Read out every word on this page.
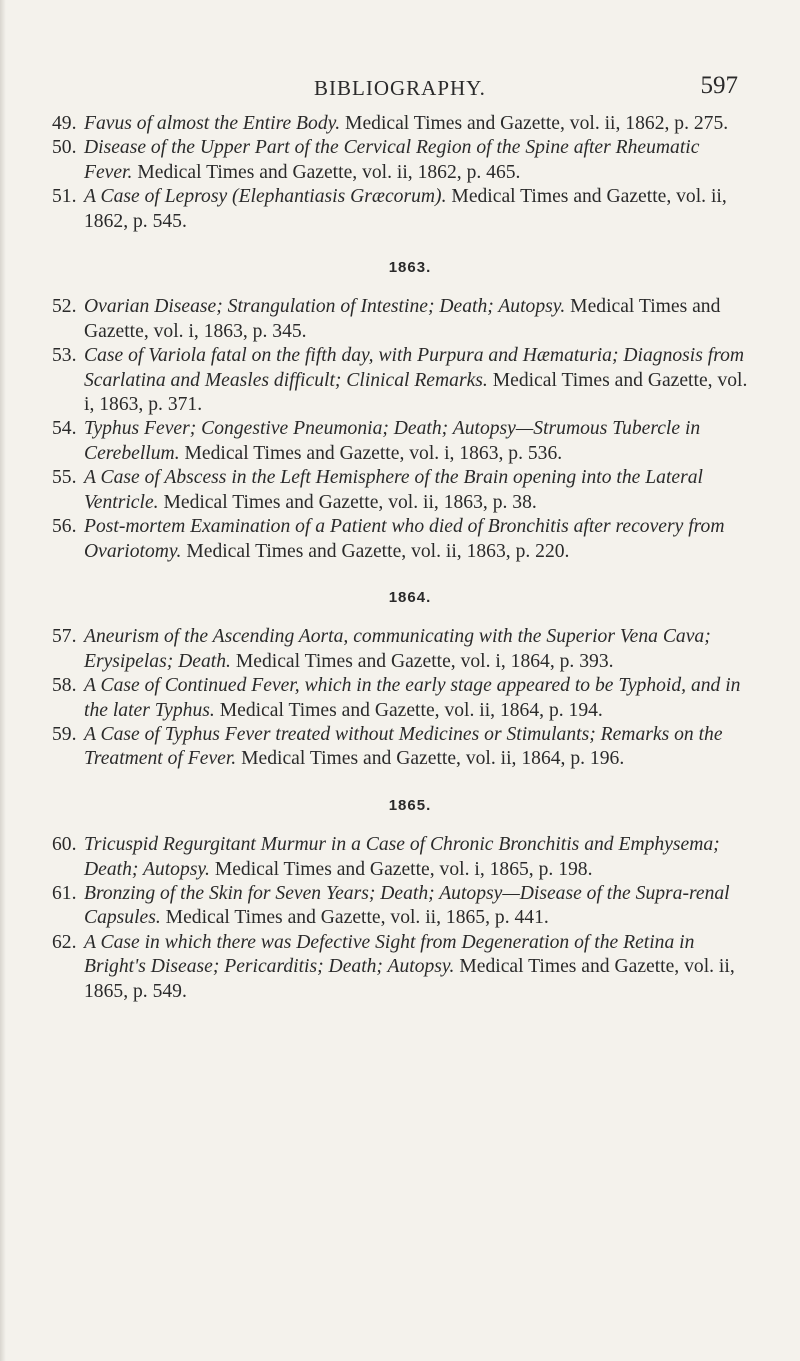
BIBLIOGRAPHY.	597

49. Favus of almost the Entire Body. Medical Times and Gazette, vol. ii, 1862, p. 275.

50. Disease of the Upper Part of the Cervical Region of the Spine after Rheumatic Fever. Medical Times and Gazette, vol. ii, 1862, p. 465.

51. A Case of Leprosy (Elephantiasis Græcorum). Medical Times and Gazette, vol. ii, 1862, p. 545.

1863.

52. Ovarian Disease; Strangulation of Intestine; Death; Autopsy. Medical Times and Gazette, vol. i, 1863, p. 345.

53. Case of Variola fatal on the fifth day, with Purpura and Hæmaturia; Diagnosis from Scarlatina and Measles difficult; Clinical Remarks. Medical Times and Gazette, vol. i, 1863, p. 371.

54. Typhus Fever; Congestive Pneumonia; Death; Autopsy—Strumous Tubercle in Cerebellum. Medical Times and Gazette, vol. i, 1863, p. 536.

55. A Case of Abscess in the Left Hemisphere of the Brain opening into the Lateral Ventricle. Medical Times and Gazette, vol. ii, 1863, p. 38.

56. Post-mortem Examination of a Patient who died of Bronchitis after recovery from Ovariotomy. Medical Times and Gazette, vol. ii, 1863, p. 220.

1864.

57. Aneurism of the Ascending Aorta, communicating with the Superior Vena Cava; Erysipelas; Death. Medical Times and Gazette, vol. i, 1864, p. 393.

58. A Case of Continued Fever, which in the early stage appeared to be Typhoid, and in the later Typhus. Medical Times and Gazette, vol. ii, 1864, p. 194.

59. A Case of Typhus Fever treated without Medicines or Stimulants; Remarks on the Treatment of Fever. Medical Times and Gazette, vol. ii, 1864, p. 196.

1865.

60. Tricuspid Regurgitant Murmur in a Case of Chronic Bronchitis and Emphysema; Death; Autopsy. Medical Times and Gazette, vol. i, 1865, p. 198.

61. Bronzing of the Skin for Seven Years; Death; Autopsy—Disease of the Supra-renal Capsules. Medical Times and Gazette, vol. ii, 1865, p. 441.

62. A Case in which there was Defective Sight from Degeneration of the Retina in Bright's Disease; Pericarditis; Death; Autopsy. Medical Times and Gazette, vol. ii, 1865, p. 549.
